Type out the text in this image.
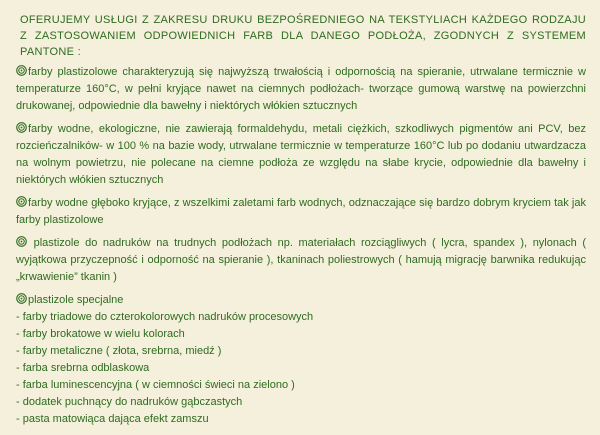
OFERUJEMY USŁUGI Z ZAKRESU DRUKU BEZPOŚREDNIEGO NA TEKSTYLIACH KAŻDEGO RODZAJU Z ZASTOSOWANIEM ODPOWIEDNICH FARB DLA DANEGO PODŁOŻA, ZGODNYCH Z SYSTEMEM PANTONE :

farby plastizolowe charakteryzują się najwyższą trwałością i odpornością na spieranie, utrwalane termicznie w temperaturze 160°C, w pełni kryjące nawet na ciemnych podłożach- tworzące gumową warstwę na powierzchni drukowanej, odpowiednie dla bawełny i niektórych włókien sztucznych

farby wodne, ekologiczne, nie zawierają formaldehydu, metali ciężkich, szkodliwych pigmentów ani PCV, bez rozcieńczalników- w 100 % na bazie wody, utrwalane termicznie w temperaturze 160°C lub po dodaniu utwardzacza na wolnym powietrzu, nie polecane na ciemne podłoża ze względu na słabe krycie, odpowiednie dla bawełny i niektórych włókien sztucznych

farby wodne głęboko kryjące, z wszelkimi zaletami farb wodnych, odznaczające się bardzo dobrym kryciem tak jak farby plastizolowe

plastizole do nadruków na trudnych podłożach np. materiałach rozciągliwych ( lycra, spandex ), nylonach ( wyjątkowa przyczepność i odporność na spieranie ), tkaninach poliestrowych ( hamują migrację barwnika redukując „krwawienie” tkanin )

plastizole specjalne
- farby triadowe do czterokolorowych nadruków procesowych
- farby brokatowe w wielu kolorach
- farby metaliczne ( złota, srebrna, miedź )
- farba srebrna odblaskowa
- farba luminescencyjna ( w ciemności świeci na zielono )
- dodatek puchnący do nadruków gąbczastych
- pasta matowiąca dająca efekt zamszu
